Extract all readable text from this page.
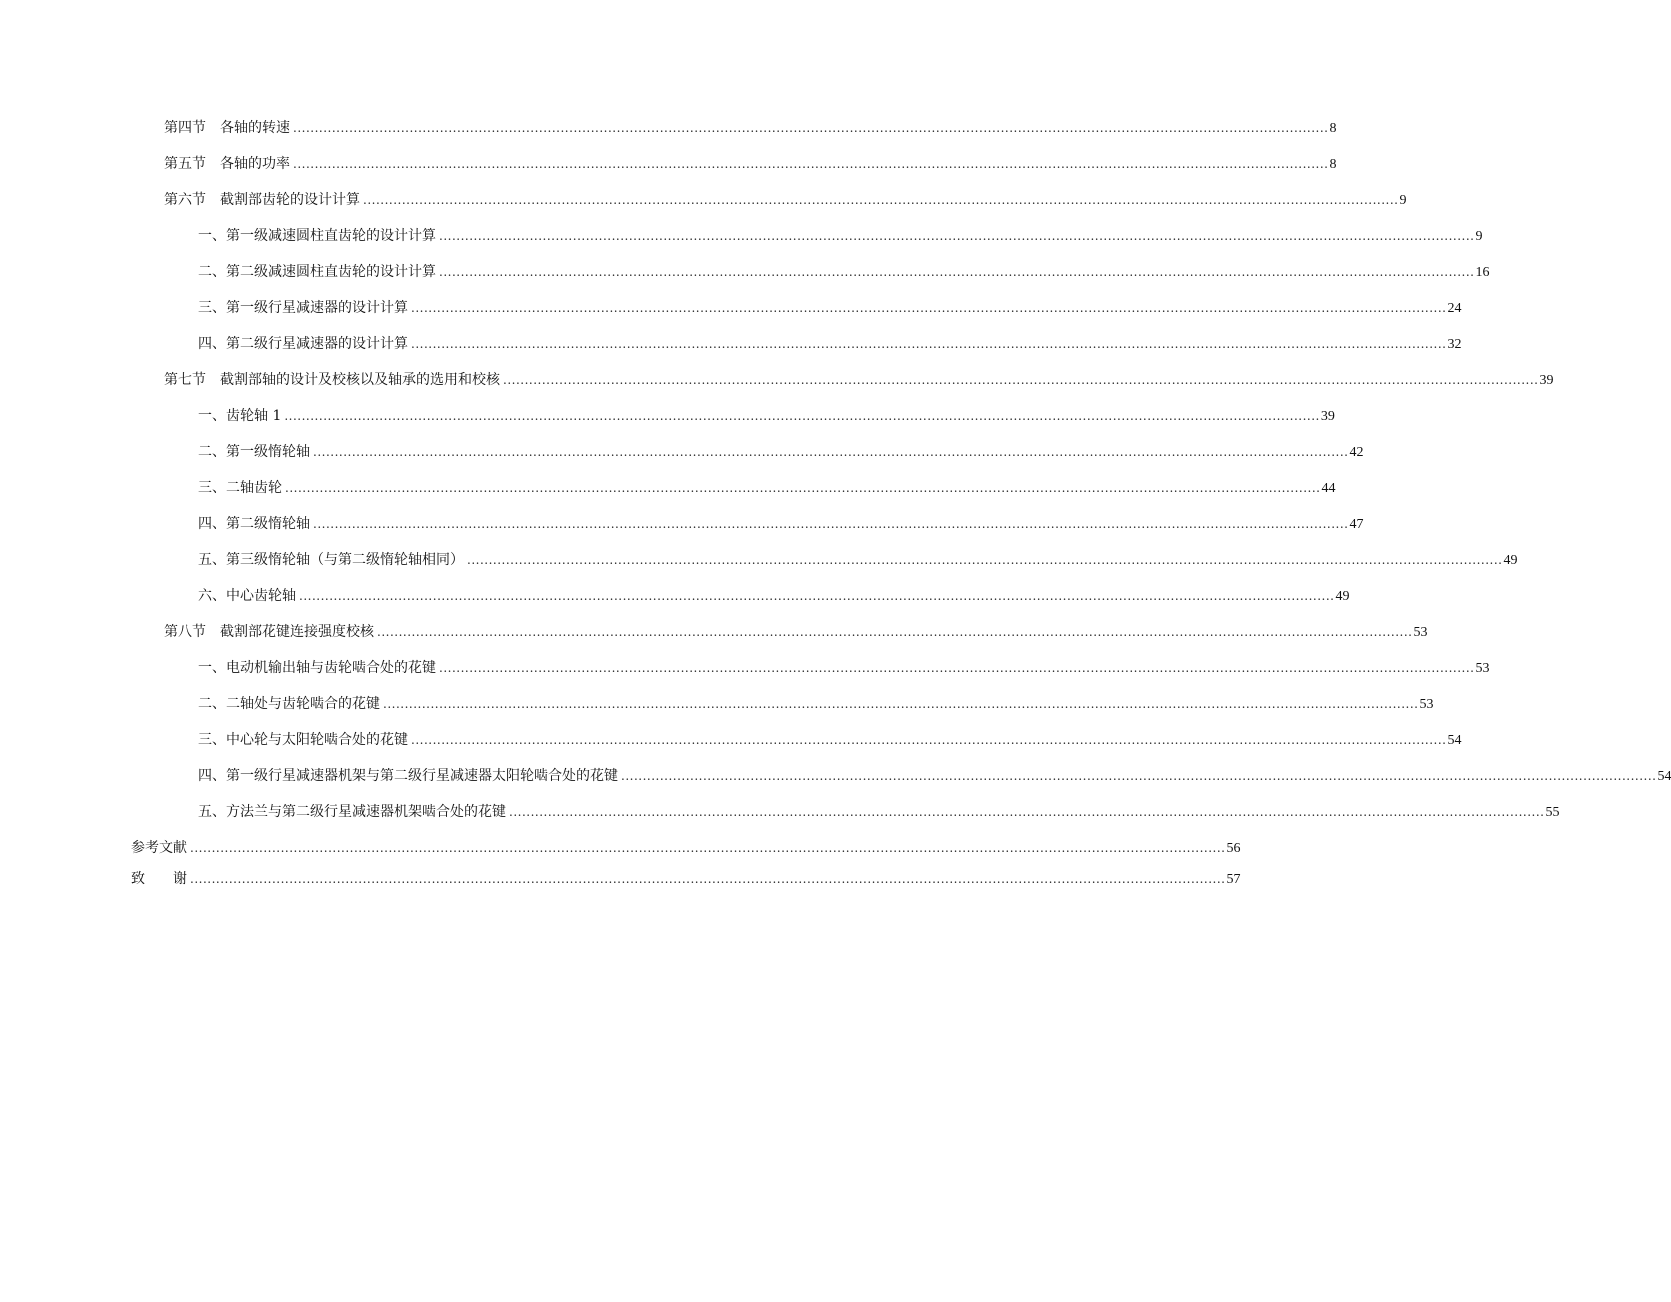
第四节 各轴的转速 ................................................................................................................................................................................................................................................ 8
第五节 各轴的功率 ................................................................................................................................................................................................................................................ 8
第六节 截割部齿轮的设计计算 ................................................................................................................................................................................................................................................ 9
一、第一级减速圆柱直齿轮的设计计算 ................................................................................................................................................................................................................................................ 9
二、第二级减速圆柱直齿轮的设计计算 ................................................................................................................................................................................................................................................ 16
三、第一级行星减速器的设计计算 ................................................................................................................................................................................................................................................ 24
四、第二级行星减速器的设计计算 ................................................................................................................................................................................................................................................ 32
第七节 截割部轴的设计及校核以及轴承的选用和校核 ................................................................................................................................................................................................................................................ 39
一、齿轮轴 1 ................................................................................................................................................................................................................................................ 39
二、第一级惰轮轴 ................................................................................................................................................................................................................................................ 42
三、二轴齿轮 ................................................................................................................................................................................................................................................ 44
四、第二级惰轮轴 ................................................................................................................................................................................................................................................ 47
五、第三级惰轮轴（与第二级惰轮轴相同） ................................................................................................................................................................................................................................................ 49
六、中心齿轮轴 ................................................................................................................................................................................................................................................ 49
第八节 截割部花键连接强度校核 ................................................................................................................................................................................................................................................ 53
一、电动机输出轴与齿轮啮合处的花键 ................................................................................................................................................................................................................................................ 53
二、二轴处与齿轮啮合的花键 ................................................................................................................................................................................................................................................ 53
三、中心轮与太阳轮啮合处的花键 ................................................................................................................................................................................................................................................ 54
四、第一级行星减速器机架与第二级行星减速器太阳轮啮合处的花键 ................................................................................................................................................................................................................................................ 54
五、方法兰与第二级行星减速器机架啮合处的花键 ................................................................................................................................................................................................................................................ 55
参考文献 ................................................................................................................................................................................................................................................ 56
致　　谢 ................................................................................................................................................................................................................................................ 57
